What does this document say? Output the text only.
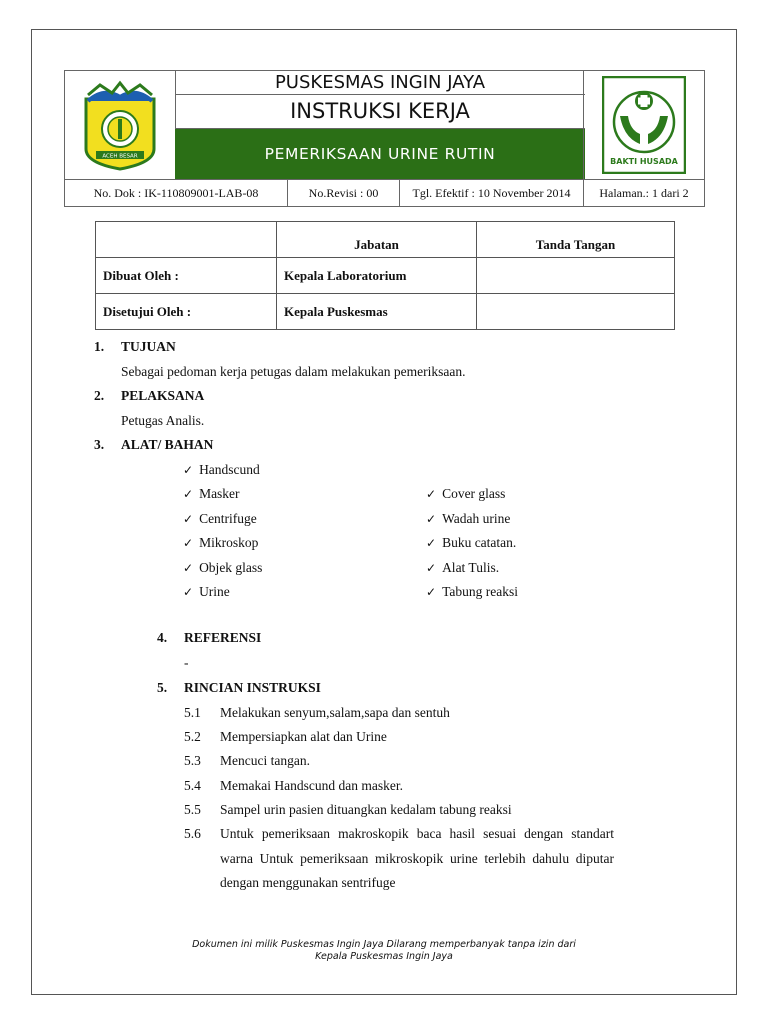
ACEH BESAR
PUSKESMAS INGIN JAYA
INSTRUKSI KERJA
PEMERIKSAAN URINE RUTIN	BAKTI HUSADA
No. Dok : IK-110809001-LAB-08	No.Revisi : 00	Tgl. Efektif : 10 November 2014	Halaman.: 1 dari 2
	Jabatan	Tanda Tangan
Dibuat Oleh :	Kepala Laboratorium	
Disetujui Oleh :	Kepala Puskesmas	
1. TUJUAN
Sebagai pedoman kerja petugas dalam melakukan pemeriksaan.
2. PELAKSANA
Petugas Analis.
3. ALAT/ BAHAN
✓ Handscund
✓ Masker
✓ Centrifuge
✓ Mikroskop
✓ Objek glass
✓ Urine
✓ Cover glass
✓ Wadah urine
✓ Buku catatan.
✓ Alat Tulis.
✓ Tabung reaksi
4. REFERENSI
-
5. RINCIAN INSTRUKSI
5.1 Melakukan senyum,salam,sapa dan sentuh
5.2 Mempersiapkan alat dan Urine
5.3 Mencuci tangan.
5.4 Memakai Handscund dan masker.
5.5 Sampel urin pasien dituangkan kedalam tabung reaksi
5.6 Untuk pemeriksaan makroskopik baca hasil sesuai dengan standart warna Untuk pemeriksaan mikroskopik urine terlebih dahulu diputar dengan menggunakan sentrifuge
Dokumen ini milik Puskesmas Ingin Jaya Dilarang memperbanyak tanpa izin dari
Kepala Puskesmas Ingin Jaya
